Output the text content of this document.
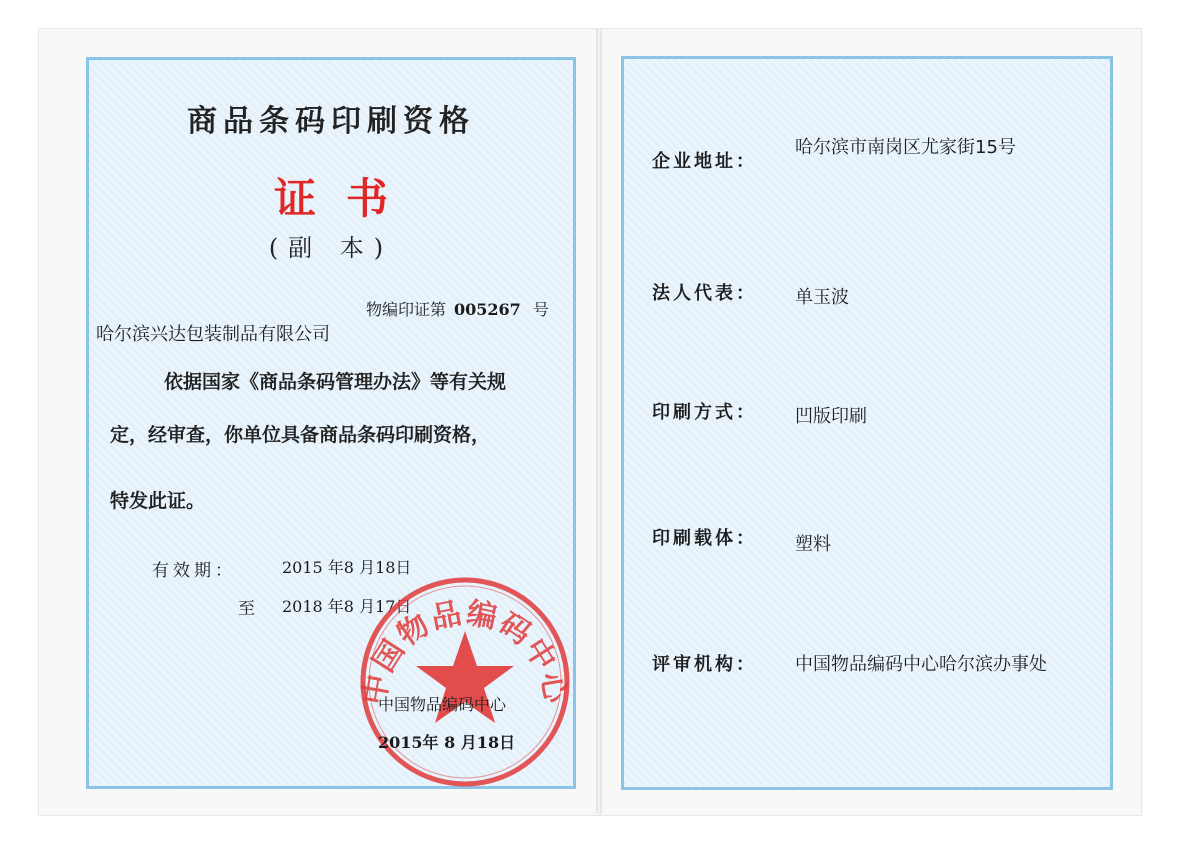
商品条码印刷资格
证书
(副 本)
物编印证第 005267 号
哈尔滨兴达包装制品有限公司
依据国家《商品条码管理办法》等有关规
定，经审查，你单位具备商品条码印刷资格，
特发此证。
有效期：	2015 年8 月18日
至 2018 年8 月17日
中国物品编码中心
中国物品编码中心
2015年 8 月18日
企业地址：
哈尔滨市南岗区尤家街15号
法人代表： 单玉波
印刷方式： 凹版印刷
印刷载体： 塑料
评审机构： 中国物品编码中心哈尔滨办事处
